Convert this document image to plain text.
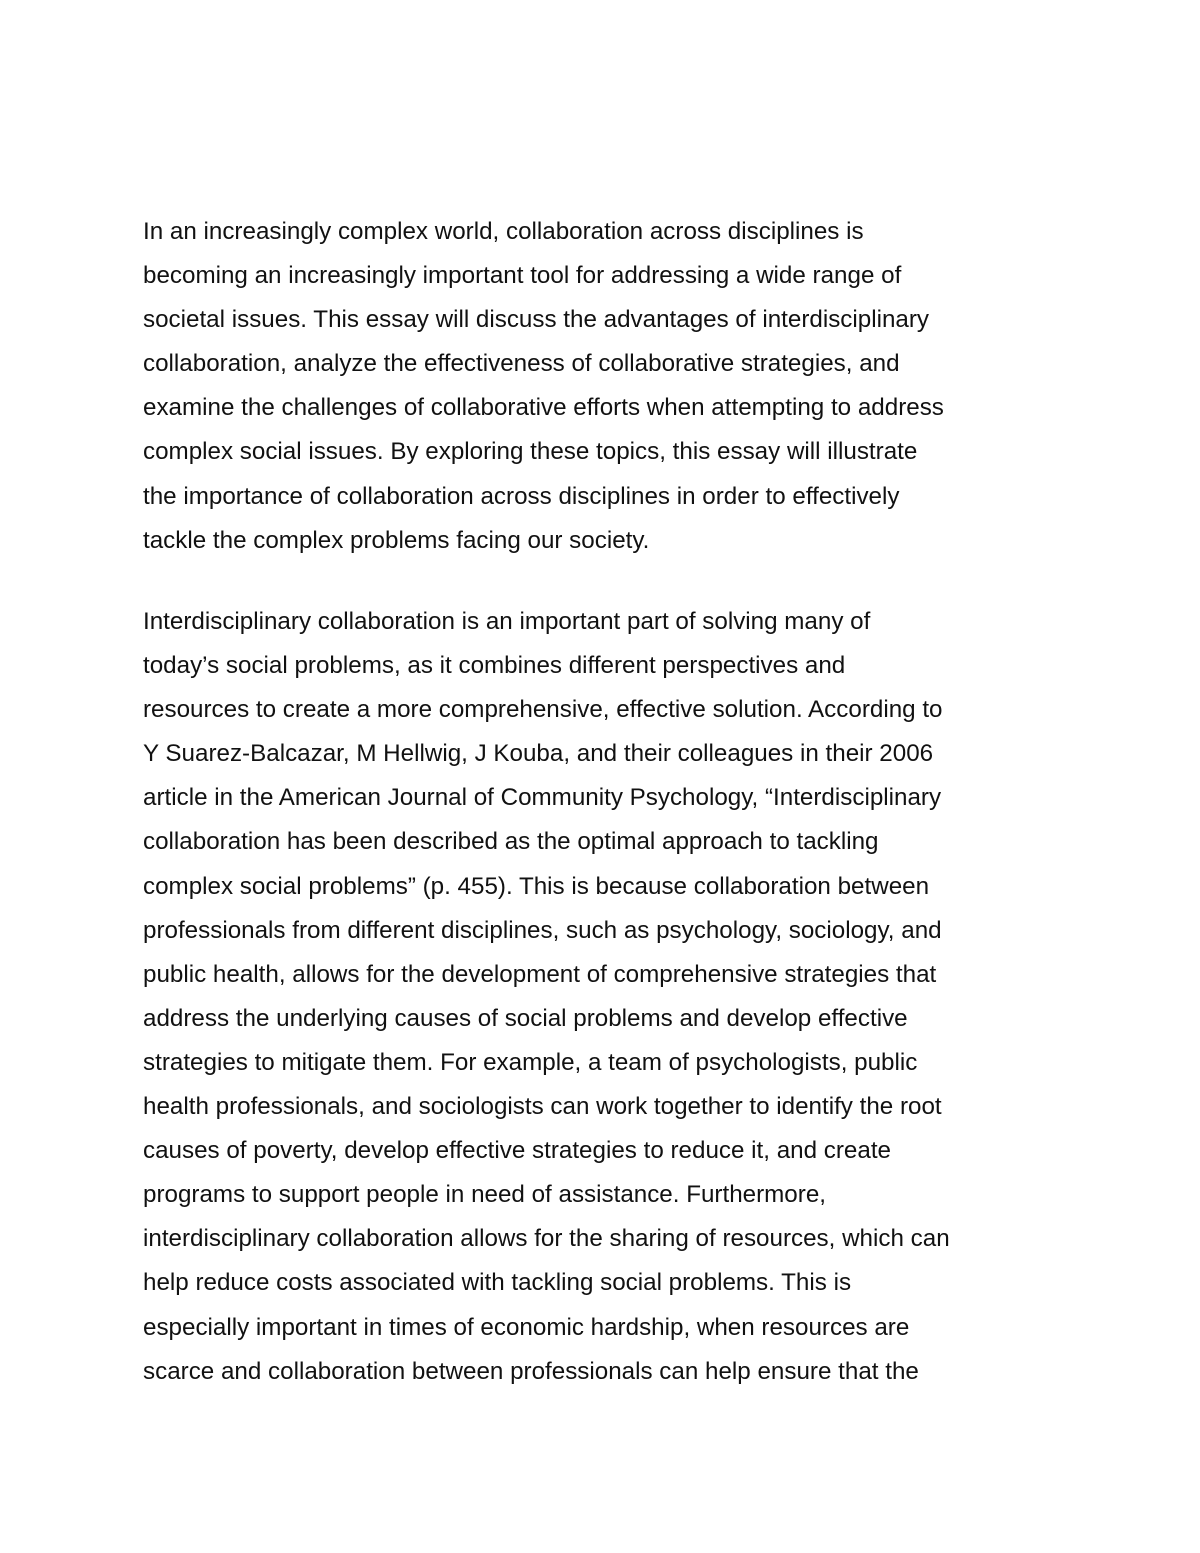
In an increasingly complex world, collaboration across disciplines is
becoming an increasingly important tool for addressing a wide range of
societal issues. This essay will discuss the advantages of interdisciplinary
collaboration, analyze the effectiveness of collaborative strategies, and
examine the challenges of collaborative efforts when attempting to address
complex social issues. By exploring these topics, this essay will illustrate
the importance of collaboration across disciplines in order to effectively
tackle the complex problems facing our society.
Interdisciplinary collaboration is an important part of solving many of
today’s social problems, as it combines different perspectives and
resources to create a more comprehensive, effective solution. According to
Y Suarez-Balcazar, M Hellwig, J Kouba, and their colleagues in their 2006
article in the American Journal of Community Psychology, “Interdisciplinary
collaboration has been described as the optimal approach to tackling
complex social problems” (p. 455). This is because collaboration between
professionals from different disciplines, such as psychology, sociology, and
public health, allows for the development of comprehensive strategies that
address the underlying causes of social problems and develop effective
strategies to mitigate them. For example, a team of psychologists, public
health professionals, and sociologists can work together to identify the root
causes of poverty, develop effective strategies to reduce it, and create
programs to support people in need of assistance. Furthermore,
interdisciplinary collaboration allows for the sharing of resources, which can
help reduce costs associated with tackling social problems. This is
especially important in times of economic hardship, when resources are
scarce and collaboration between professionals can help ensure that the
